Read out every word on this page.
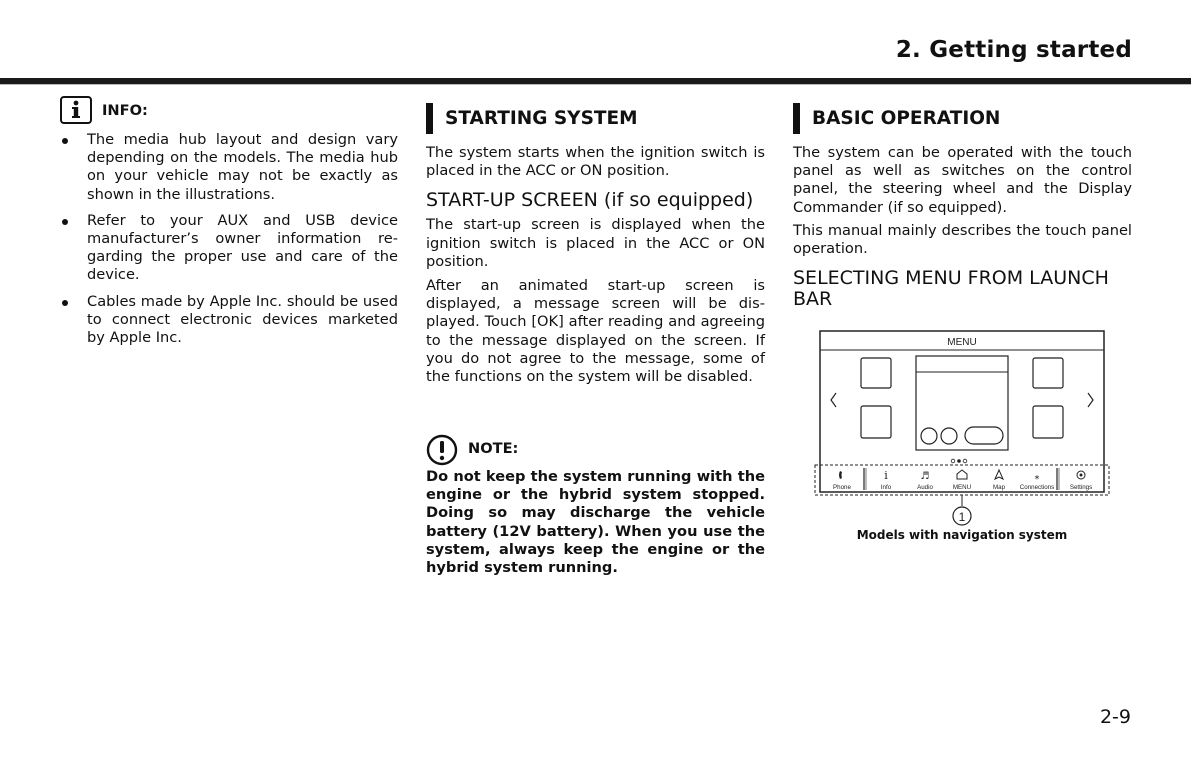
2. Getting started
INFO:

The media hub layout and design vary depending on the models. The media hub on your vehicle may not be exactly as shown in the illustrations.

Refer to your AUX and USB device manufacturer’s owner information regarding the proper use and care of the device.

Cables made by Apple Inc. should be used to connect electronic devices marketed by Apple Inc.

STARTING SYSTEM

The system starts when the ignition switch is placed in the ACC or ON position.

START-UP SCREEN (if so equipped)

The start-up screen is displayed when the ignition switch is placed in the ACC or ON position.

After an animated start-up screen is displayed, a message screen will be displayed. Touch [OK] after reading and agreeing to the message displayed on the screen. If you do not agree to the message, some of the functions on the system will be disabled.

NOTE:

Do not keep the system running with the engine or the hybrid system stopped. Doing so may discharge the vehicle battery (12V battery). When you use the system, always keep the engine or the hybrid system running.

BASIC OPERATION

The system can be operated with the touch panel as well as switches on the control panel, the steering wheel and the Display Commander (if so equipped).

This manual mainly describes the touch panel operation.

SELECTING MENU FROM LAUNCH BAR

MENU
i	♬	⁎
Phone	Info	Audio	MENU	Map Connections	Settings
1
Models with navigation system
2-9
